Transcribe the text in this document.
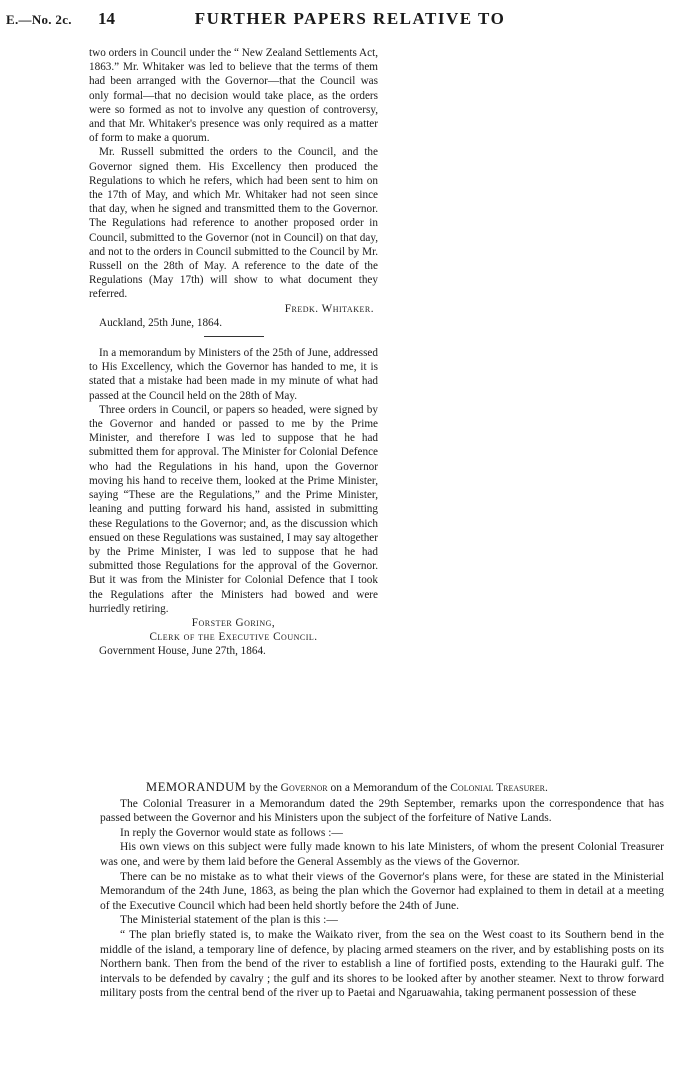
E.—No. 2c. 14	FURTHER PAPERS RELATIVE TO

two orders in Council under the “ New Zealand Settlements Act, 1863.” Mr. Whitaker was led to believe that the terms of them had been arranged with the Governor—that the Council was only formal—that no decision would take place, as the orders were so formed as not to involve any question of controversy, and that Mr. Whitaker's presence was only required as a matter of form to make a quorum.

Mr. Russell submitted the orders to the Council, and the Governor signed them. His Excellency then produced the Regulations to which he refers, which had been sent to him on the 17th of May, and which Mr. Whitaker had not seen since that day, when he signed and transmitted them to the Governor. The Regulations had reference to another proposed order in Council, submitted to the Governor (not in Council) on that day, and not to the orders in Council submitted to the Council by Mr. Russell on the 28th of May. A reference to the date of the Regulations (May 17th) will show to what document they referred.

Fredk. Whitaker.

Auckland, 25th June, 1864.

In a memorandum by Ministers of the 25th of June, addressed to His Excellency, which the Governor has handed to me, it is stated that a mistake had been made in my minute of what had passed at the Council held on the 28th of May.

Three orders in Council, or papers so headed, were signed by the Governor and handed or passed to me by the Prime Minister, and therefore I was led to suppose that he had submitted them for approval. The Minister for Colonial Defence who had the Regulations in his hand, upon the Governor moving his hand to receive them, looked at the Prime Minister, saying “These are the Regulations,” and the Prime Minister, leaning and putting forward his hand, assisted in submitting these Regulations to the Governor; and, as the discussion which ensued on these Regulations was sustained, I may say altogether by the Prime Minister, I was led to suppose that he had submitted those Regulations for the approval of the Governor. But it was from the Minister for Colonial Defence that I took the Regulations after the Ministers had bowed and were hurriedly retiring.

Forster Goring,

Clerk of the Executive Council.

Government House, June 27th, 1864.

MEMORANDUM by the Governor on a Memorandum of the Colonial Treasurer.

The Colonial Treasurer in a Memorandum dated the 29th September, remarks upon the correspondence that has passed between the Governor and his Ministers upon the subject of the forfeiture of Native Lands.

In reply the Governor would state as follows :—

His own views on this subject were fully made known to his late Ministers, of whom the present Colonial Treasurer was one, and were by them laid before the General Assembly as the views of the Governor.

There can be no mistake as to what their views of the Governor's plans were, for these are stated in the Ministerial Memorandum of the 24th June, 1863, as being the plan which the Governor had explained to them in detail at a meeting of the Executive Council which had been held shortly before the 24th of June.

The Ministerial statement of the plan is this :—

“ The plan briefly stated is, to make the Waikato river, from the sea on the West coast to its Southern bend in the middle of the island, a temporary line of defence, by placing armed steamers on the river, and by establishing posts on its Northern bank. Then from the bend of the river to establish a line of fortified posts, extending to the Hauraki gulf. The intervals to be defended by cavalry ; the gulf and its shores to be looked after by another steamer. Next to throw forward military posts from the central bend of the river up to Paetai and Ngaruawahia, taking permanent possession of these
